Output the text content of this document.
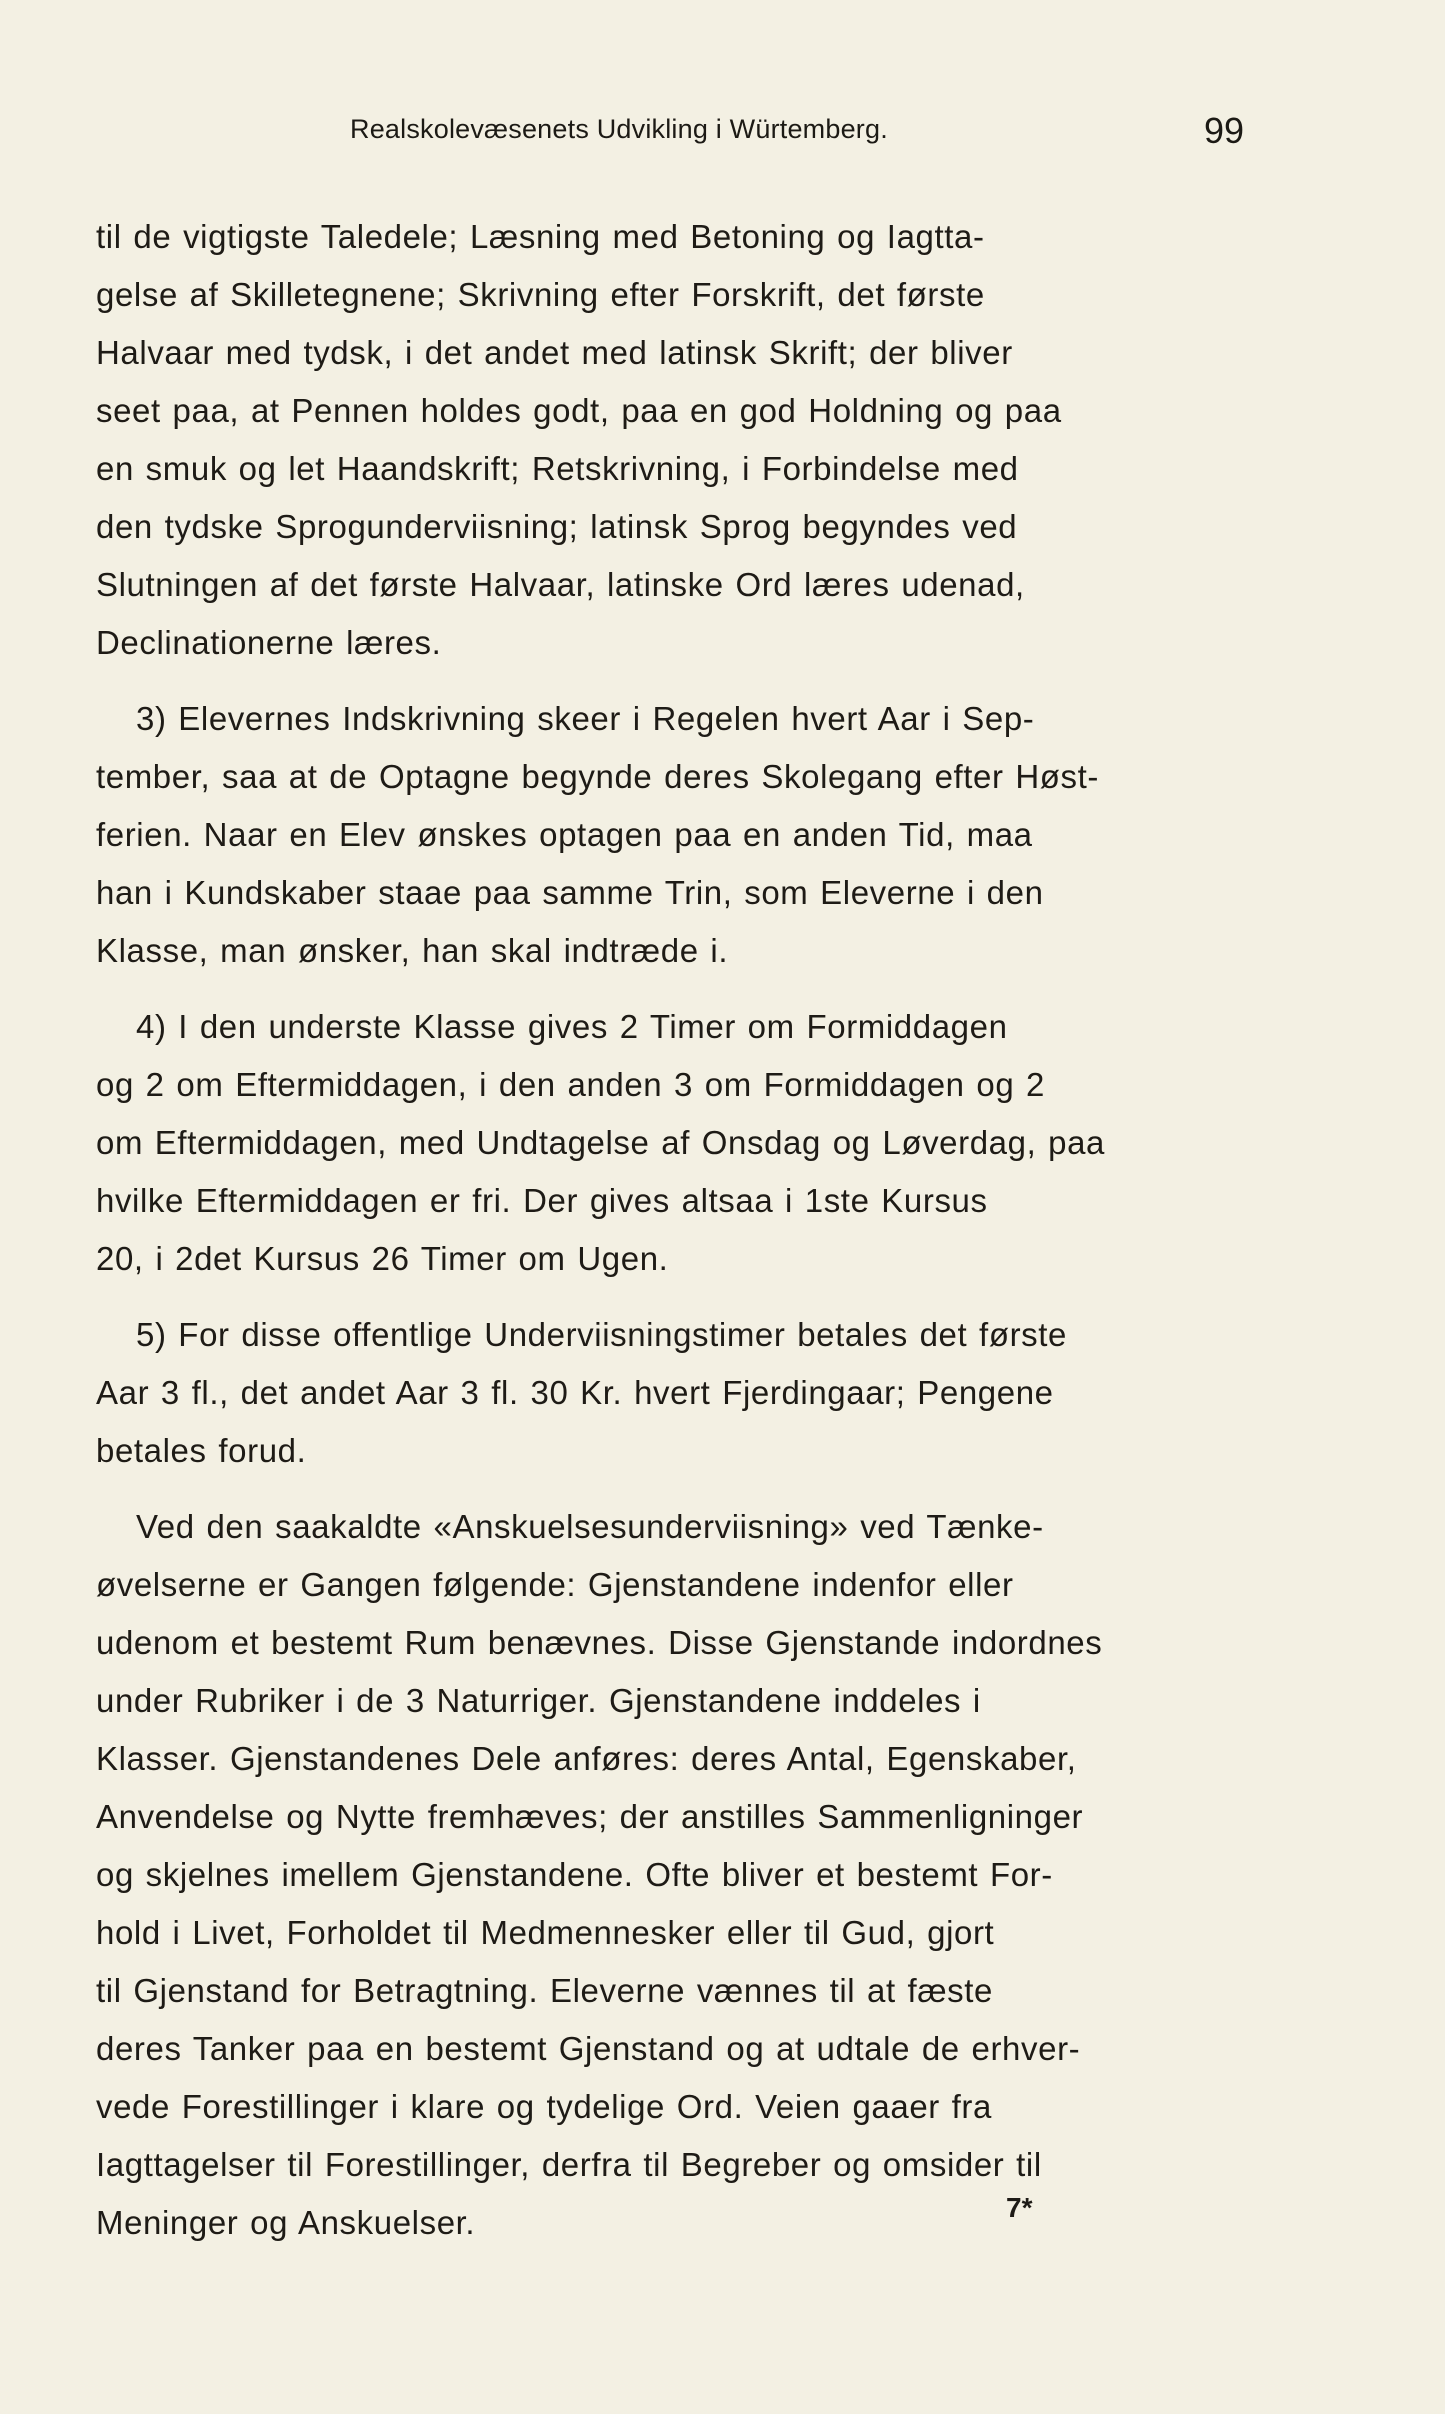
Realskolevæsenets Udvikling i Würtemberg.	99
til de vigtigste Taledele; Læsning med Betoning og Iagtta-
gelse af Skilletegnene; Skrivning efter Forskrift, det første
Halvaar med tydsk, i det andet med latinsk Skrift; der bliver
seet paa, at Pennen holdes godt, paa en god Holdning og paa
en smuk og let Haandskrift; Retskrivning, i Forbindelse med
den tydske Sprogunderviisning; latinsk Sprog begyndes ved
Slutningen af det første Halvaar, latinske Ord læres udenad,
Declinationerne læres.
3) Elevernes Indskrivning skeer i Regelen hvert Aar i Sep-
tember, saa at de Optagne begynde deres Skolegang efter Høst-
ferien. Naar en Elev ønskes optagen paa en anden Tid, maa
han i Kundskaber staae paa samme Trin, som Eleverne i den
Klasse, man ønsker, han skal indtræde i.
4) I den underste Klasse gives 2 Timer om Formiddagen
og 2 om Eftermiddagen, i den anden 3 om Formiddagen og 2
om Eftermiddagen, med Undtagelse af Onsdag og Løverdag, paa
hvilke Eftermiddagen er fri. Der gives altsaa i 1ste Kursus
20, i 2det Kursus 26 Timer om Ugen.
5) For disse offentlige Underviisningstimer betales det første
Aar 3 fl., det andet Aar 3 fl. 30 Kr. hvert Fjerdingaar; Pengene
betales forud.
Ved den saakaldte «Anskuelsesunderviisning» ved Tænke-
øvelserne er Gangen følgende: Gjenstandene indenfor eller
udenom et bestemt Rum benævnes. Disse Gjenstande indordnes
under Rubriker i de 3 Naturriger. Gjenstandene inddeles i
Klasser. Gjenstandenes Dele anføres: deres Antal, Egenskaber,
Anvendelse og Nytte fremhæves; der anstilles Sammenligninger
og skjelnes imellem Gjenstandene. Ofte bliver et bestemt For-
hold i Livet, Forholdet til Medmennesker eller til Gud, gjort
til Gjenstand for Betragtning. Eleverne vænnes til at fæste
deres Tanker paa en bestemt Gjenstand og at udtale de erhver-
vede Forestillinger i klare og tydelige Ord. Veien gaaer fra
Iagttagelser til Forestillinger, derfra til Begreber og omsider til
Meninger og Anskuelser.	7*
